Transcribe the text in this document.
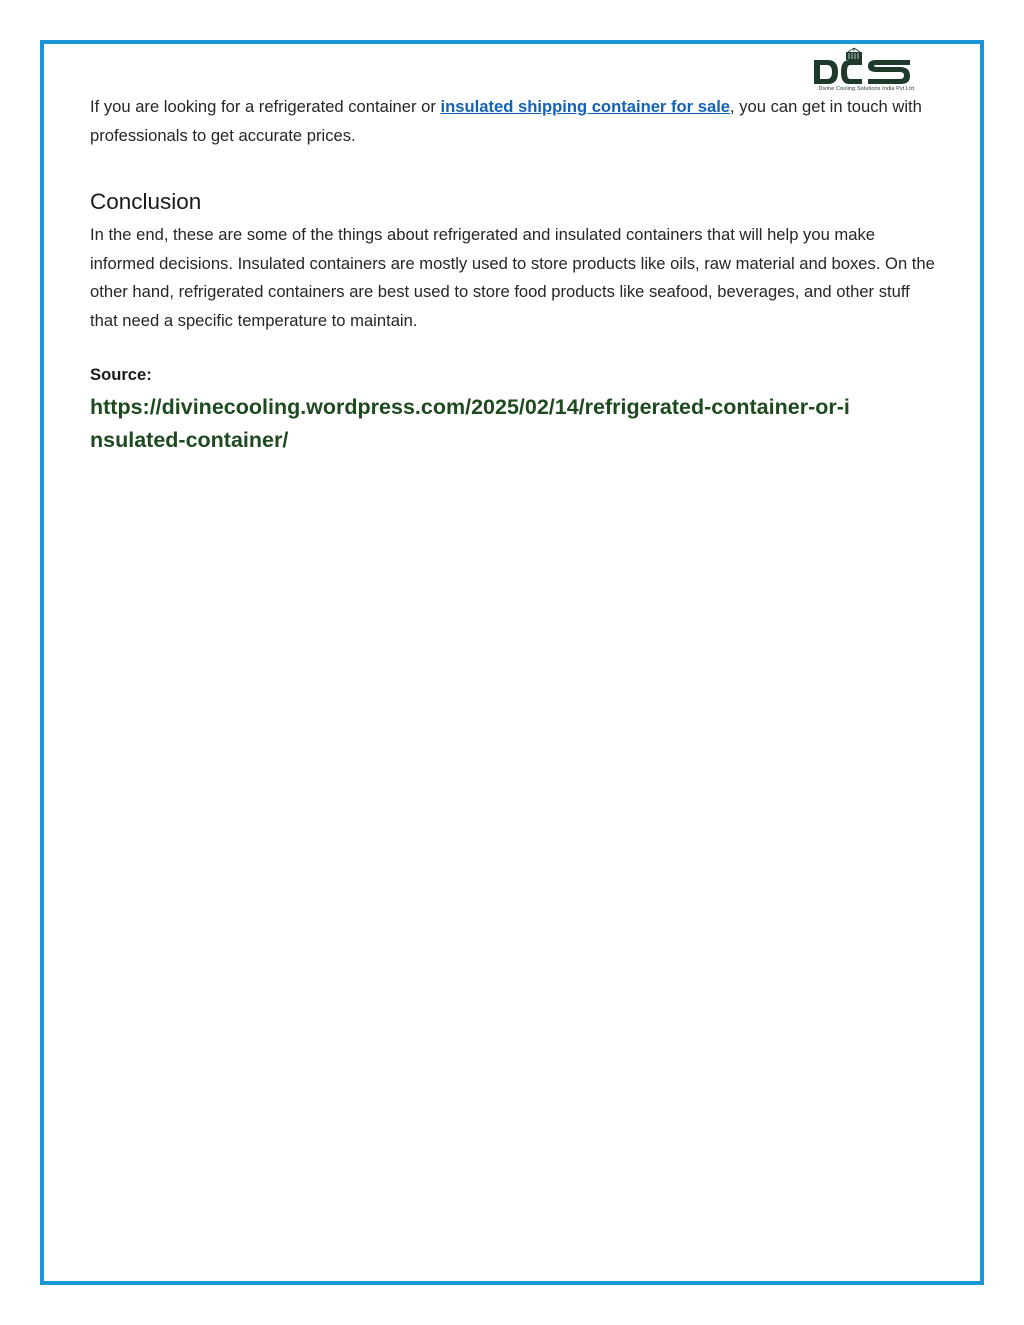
Divine Cooling Solutions India Pvt Ltd

If you are looking for a refrigerated container or insulated shipping container for sale, you can get in touch with professionals to get accurate prices.

Conclusion

In the end, these are some of the things about refrigerated and insulated containers that will help you make informed decisions. Insulated containers are mostly used to store products like oils, raw material and boxes. On the other hand, refrigerated containers are best used to store food products like seafood, beverages, and other stuff that need a specific temperature to maintain.

Source:
https://divinecooling.wordpress.com/2025/02/14/refrigerated-container-or-insulated-container/
